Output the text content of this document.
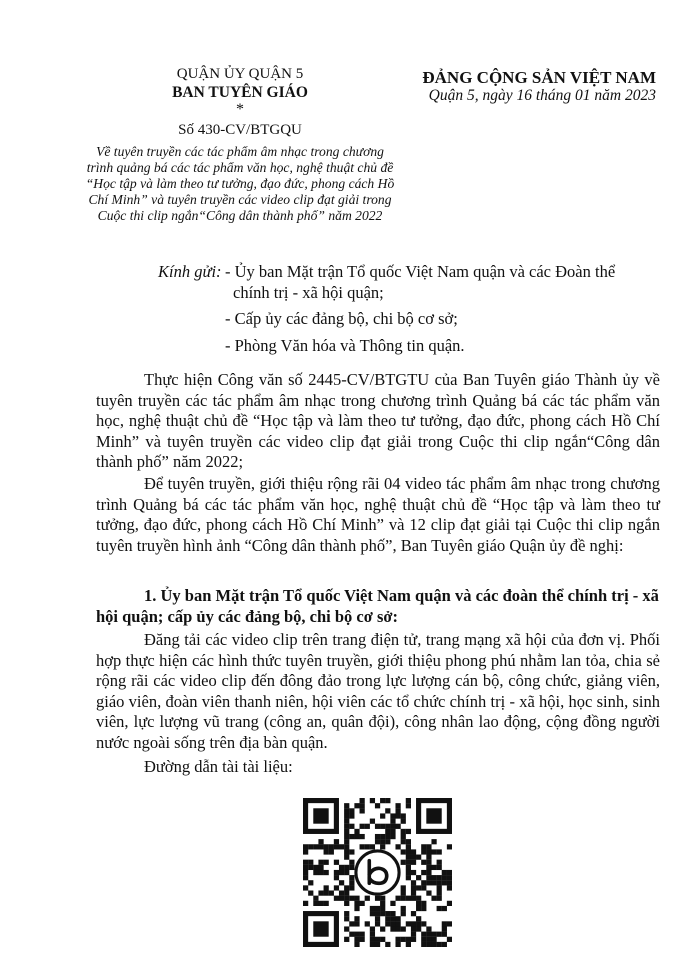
QUẬN ỦY QUẬN 5
BAN TUYÊN GIÁO
*
Số 430-CV/BTGQU
Về tuyên truyền các tác phẩm âm nhạc trong chương trình quảng bá các tác phẩm văn học, nghệ thuật chủ đề “Học tập và làm theo tư tưởng, đạo đức, phong cách Hồ Chí Minh” và tuyên truyền các video clip đạt giải trong Cuộc thi clip ngắn“Công dân thành phố” năm 2022
ĐẢNG CỘNG SẢN VIỆT NAM
Quận 5, ngày 16 tháng 01 năm 2023
Kính gửi: - Ủy ban Mặt trận Tổ quốc Việt Nam quận và các Đoàn thể
chính trị - xã hội quận;
- Cấp ủy các đảng bộ, chi bộ cơ sở;
- Phòng Văn hóa và Thông tin quận.
Thực hiện Công văn số 2445-CV/BTGTU của Ban Tuyên giáo Thành ủy về tuyên truyền các tác phẩm âm nhạc trong chương trình Quảng bá các tác phẩm văn học, nghệ thuật chủ đề “Học tập và làm theo tư tưởng, đạo đức, phong cách Hồ Chí Minh” và tuyên truyền các video clip đạt giải trong Cuộc thi clip ngắn“Công dân thành phố” năm 2022;
Để tuyên truyền, giới thiệu rộng rãi 04 video tác phẩm âm nhạc trong chương trình Quảng bá các tác phẩm văn học, nghệ thuật chủ đề “Học tập và làm theo tư tưởng, đạo đức, phong cách Hồ Chí Minh” và 12 clip đạt giải tại Cuộc thi clip ngắn tuyên truyền hình ảnh “Công dân thành phố”, Ban Tuyên giáo Quận ủy đề nghị:
1. Ủy ban Mặt trận Tổ quốc Việt Nam quận và các đoàn thể chính trị - xã hội quận; cấp ủy các đảng bộ, chi bộ cơ sở:
Đăng tải các video clip trên trang điện tử, trang mạng xã hội của đơn vị. Phối hợp thực hiện các hình thức tuyên truyền, giới thiệu phong phú nhằm lan tỏa, chia sẻ rộng rãi các video clip đến đông đảo trong lực lượng cán bộ, công chức, giảng viên, giáo viên, đoàn viên thanh niên, hội viên các tổ chức chính trị - xã hội, học sinh, sinh viên, lực lượng vũ trang (công an, quân đội), công nhân lao động, cộng đồng người nước ngoài sống trên địa bàn quận.
Đường dẫn tài tài liệu:
